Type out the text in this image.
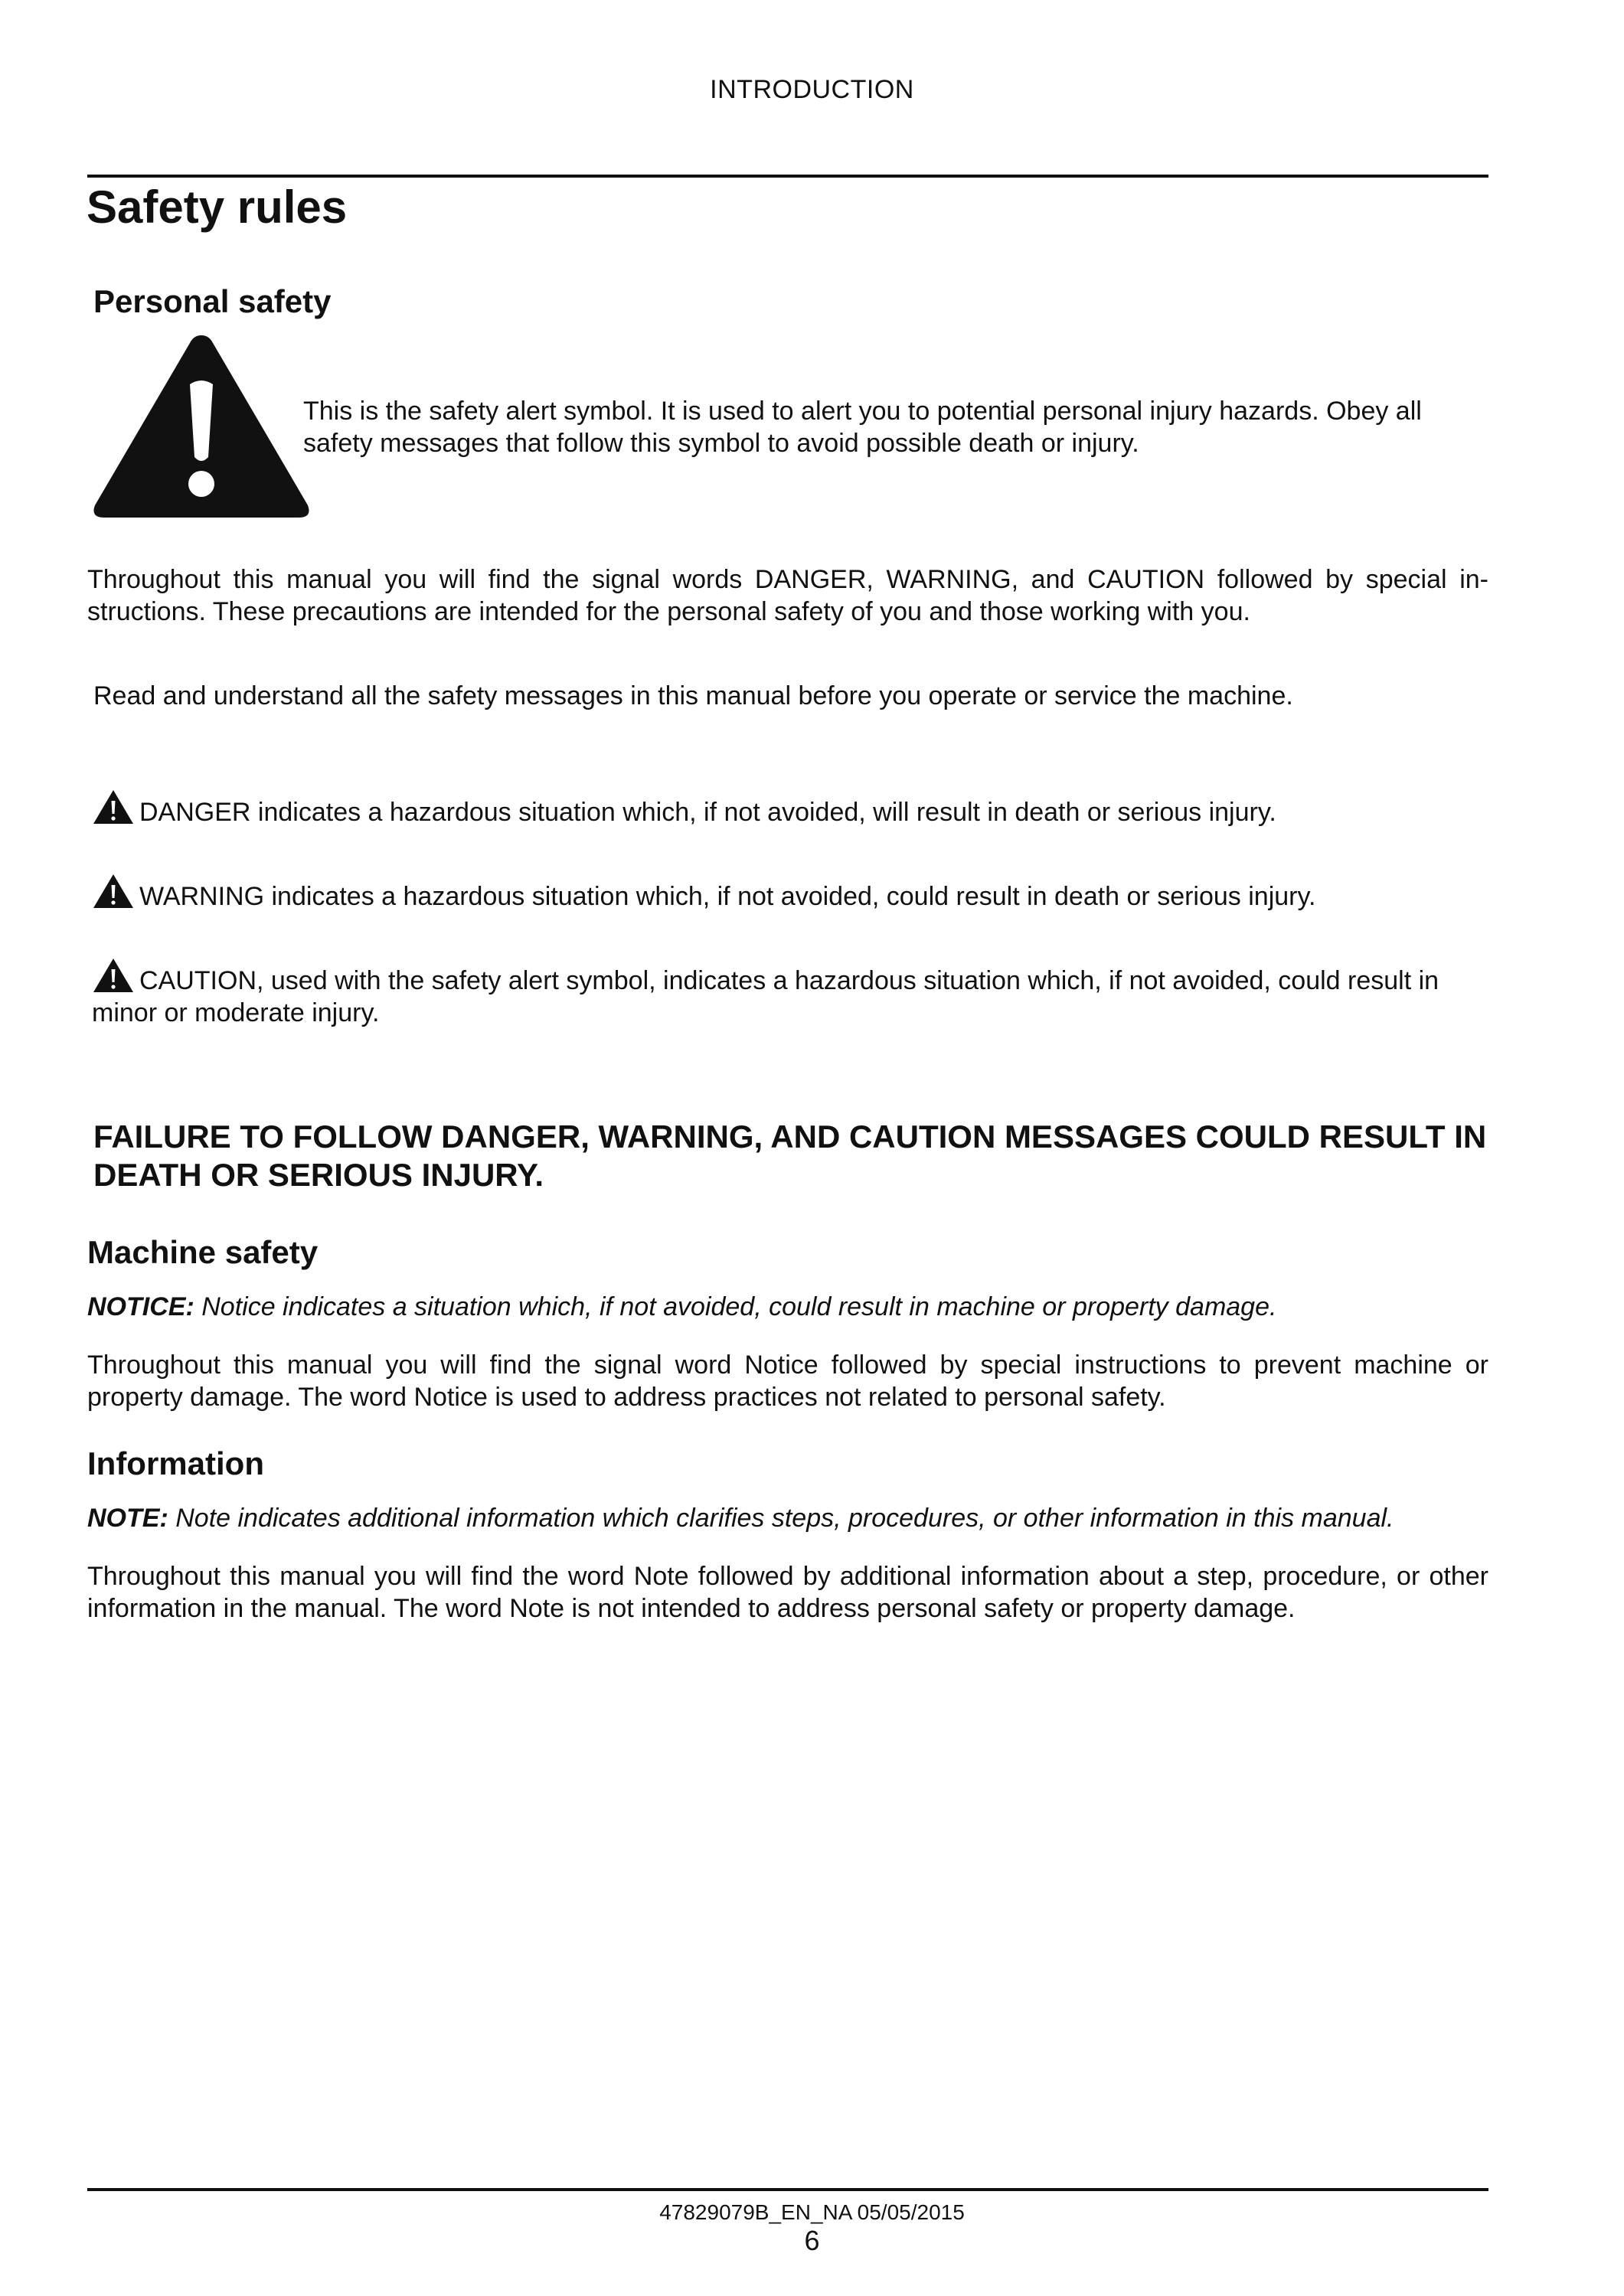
INTRODUCTION
Safety rules
Personal safety
This is the safety alert symbol. It is used to alert you to potential personal injury hazards. Obey all safety messages that follow this symbol to avoid possible death or injury.
Throughout this manual you will find the signal words DANGER, WARNING, and CAUTION followed by special in-structions. These precautions are intended for the personal safety of you and those working with you.
Read and understand all the safety messages in this manual before you operate or service the machine.
DANGER indicates a hazardous situation which, if not avoided, will result in death or serious injury.
WARNING indicates a hazardous situation which, if not avoided, could result in death or serious injury.
CAUTION, used with the safety alert symbol, indicates a hazardous situation which, if not avoided, could result in minor or moderate injury.
FAILURE TO FOLLOW DANGER, WARNING, AND CAUTION MESSAGES COULD RESULT IN DEATH OR SERIOUS INJURY.
Machine safety
NOTICE: Notice indicates a situation which, if not avoided, could result in machine or property damage.
Throughout this manual you will find the signal word Notice followed by special instructions to prevent machine or property damage. The word Notice is used to address practices not related to personal safety.
Information
NOTE: Note indicates additional information which clarifies steps, procedures, or other information in this manual.
Throughout this manual you will find the word Note followed by additional information about a step, procedure, or other information in the manual. The word Note is not intended to address personal safety or property damage.
47829079B_EN_NA 05/05/2015
6
